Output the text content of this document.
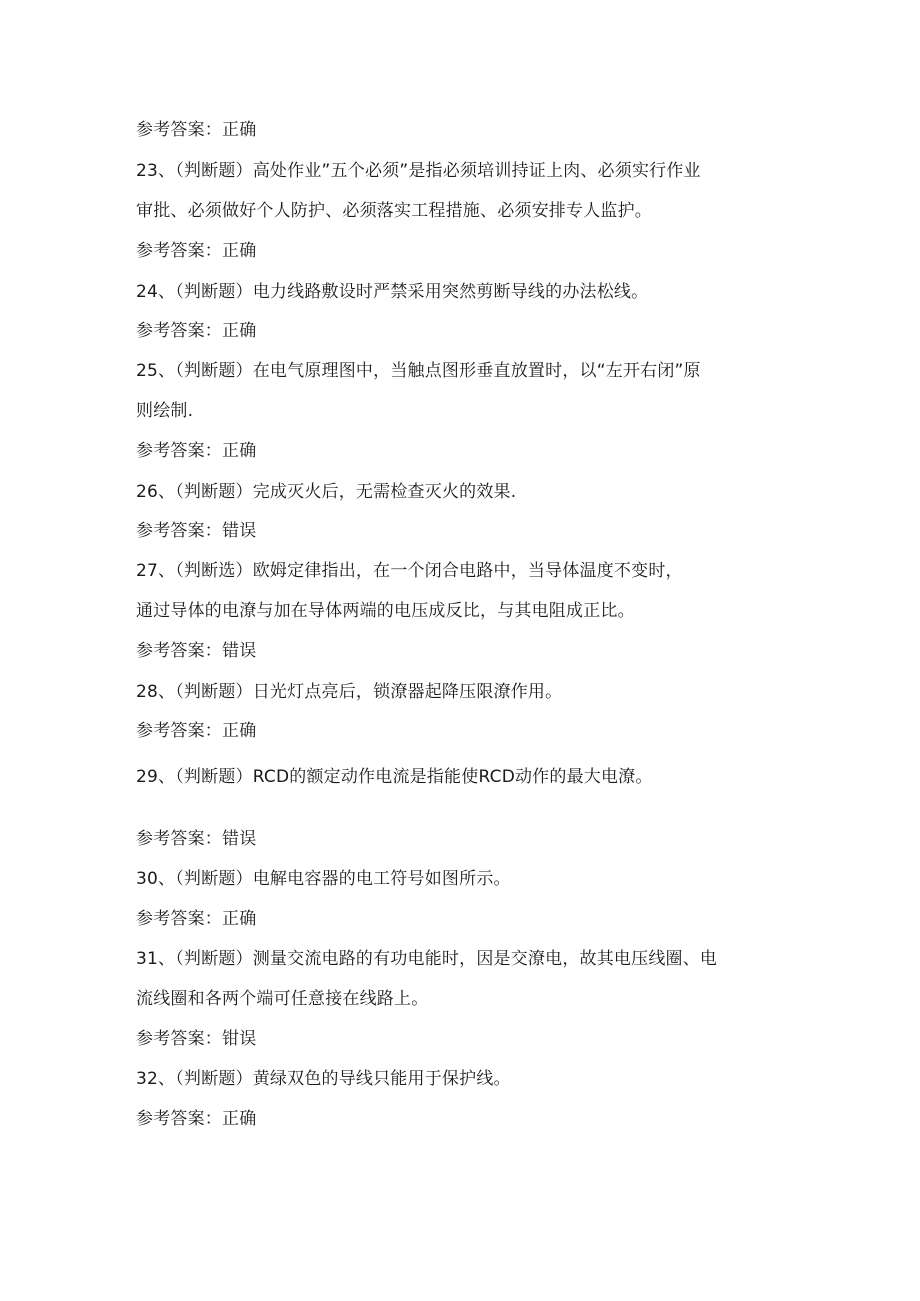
参考答案：正确
23、（判断题）高处作业”五个必须”是指必须培训持证上肉、必须实行作业
审批、必须做好个人防护、必须落实工程措施、必须安排专人监护。
参考答案：正确
24、（判断题）电力线路敷设时严禁采用突然剪断导线的办法松线。
参考答案：正确
25、（判断题）在电气原理图中，当触点图形垂直放置时，以“左开右闭”原
则绘制.
参考答案：正确
26、（判断题）完成灭火后，无需检查灭火的效果.
参考答案：错误
27、（判断选）欧姆定律指出，在一个闭合电路中，当导体温度不变时，
通过导体的电潦与加在导体两端的电压成反比，与其电阻成正比。
参考答案：错误
28、（判断题）日光灯点亮后，锁潦器起降压限潦作用。
参考答案：正确
29、（判断题）RCD的额定动作电流是指能使RCD动作的最大电潦。
参考答案：错误
30、（判断题）电解电容器的电工符号如图所示。
参考答案：正确
31、（判断题）测量交流电路的有功电能时，因是交潦电，故其电压线圈、电
流线圈和各两个端可任意接在线路上。
参考答案：钳误
32、（判断题）黄绿双色的导线只能用于保护线。
参考答案：正确
